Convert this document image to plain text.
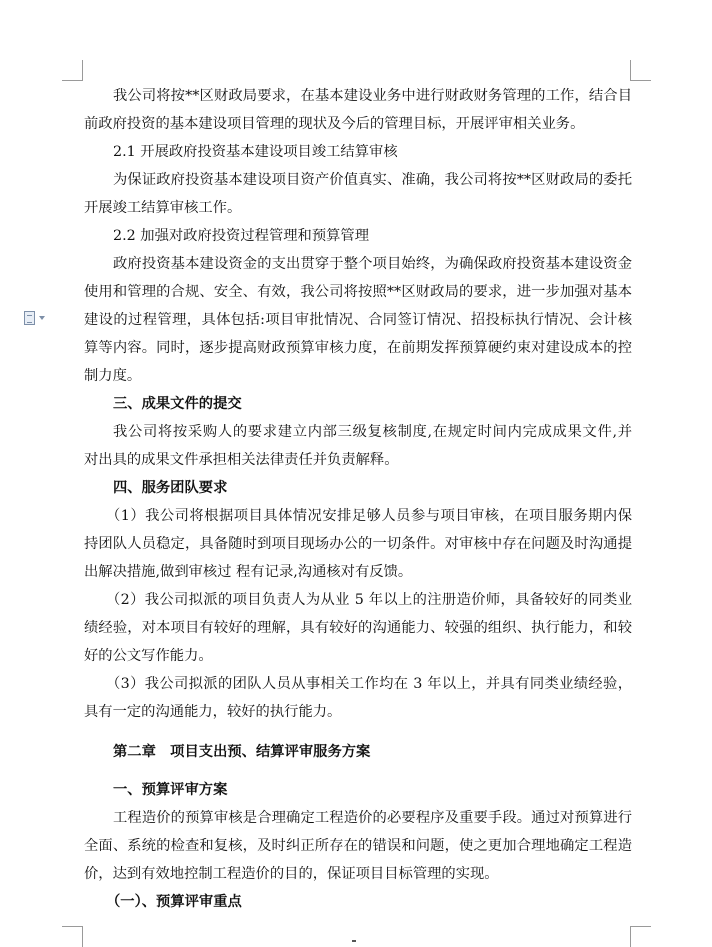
我公司将按**区财政局要求，在基本建设业务中进行财政财务管理的工作，结合目
前政府投资的基本建设项目管理的现状及今后的管理目标，开展评审相关业务。
2.1 开展政府投资基本建设项目竣工结算审核
为保证政府投资基本建设项目资产价值真实、准确，我公司将按**区财政局的委托
开展竣工结算审核工作。
2.2 加强对政府投资过程管理和预算管理
政府投资基本建设资金的支出贯穿于整个项目始终，为确保政府投资基本建设资金
使用和管理的合规、安全、有效，我公司将按照**区财政局的要求，进一步加强对基本
建设的过程管理，具体包括:项目审批情况、合同签订情况、招投标执行情况、会计核
算等内容。同时，逐步提高财政预算审核力度，在前期发挥预算硬约束对建设成本的控
制力度。
三、成果文件的提交
我公司将按采购人的要求建立内部三级复核制度,在规定时间内完成成果文件,并
对出具的成果文件承担相关法律责任并负责解释。
四、服务团队要求
（1）我公司将根据项目具体情况安排足够人员参与项目审核，在项目服务期内保
持团队人员稳定，具备随时到项目现场办公的一切条件。对审核中存在问题及时沟通提
出解决措施,做到审核过 程有记录,沟通核对有反馈。
（2）我公司拟派的项目负责人为从业 5 年以上的注册造价师，具备较好的同类业
绩经验，对本项目有较好的理解，具有较好的沟通能力、较强的组织、执行能力，和较
好的公文写作能力。
（3）我公司拟派的团队人员从事相关工作均在 3 年以上，并具有同类业绩经验，
具有一定的沟通能力，较好的执行能力。
第二章　项目支出预、结算评审服务方案
一、预算评审方案
工程造价的预算审核是合理确定工程造价的必要程序及重要手段。通过对预算进行
全面、系统的检查和复核，及时纠正所存在的错误和问题，使之更加合理地确定工程造
价，达到有效地控制工程造价的目的，保证项目目标管理的实现。
（一）、预算评审重点
